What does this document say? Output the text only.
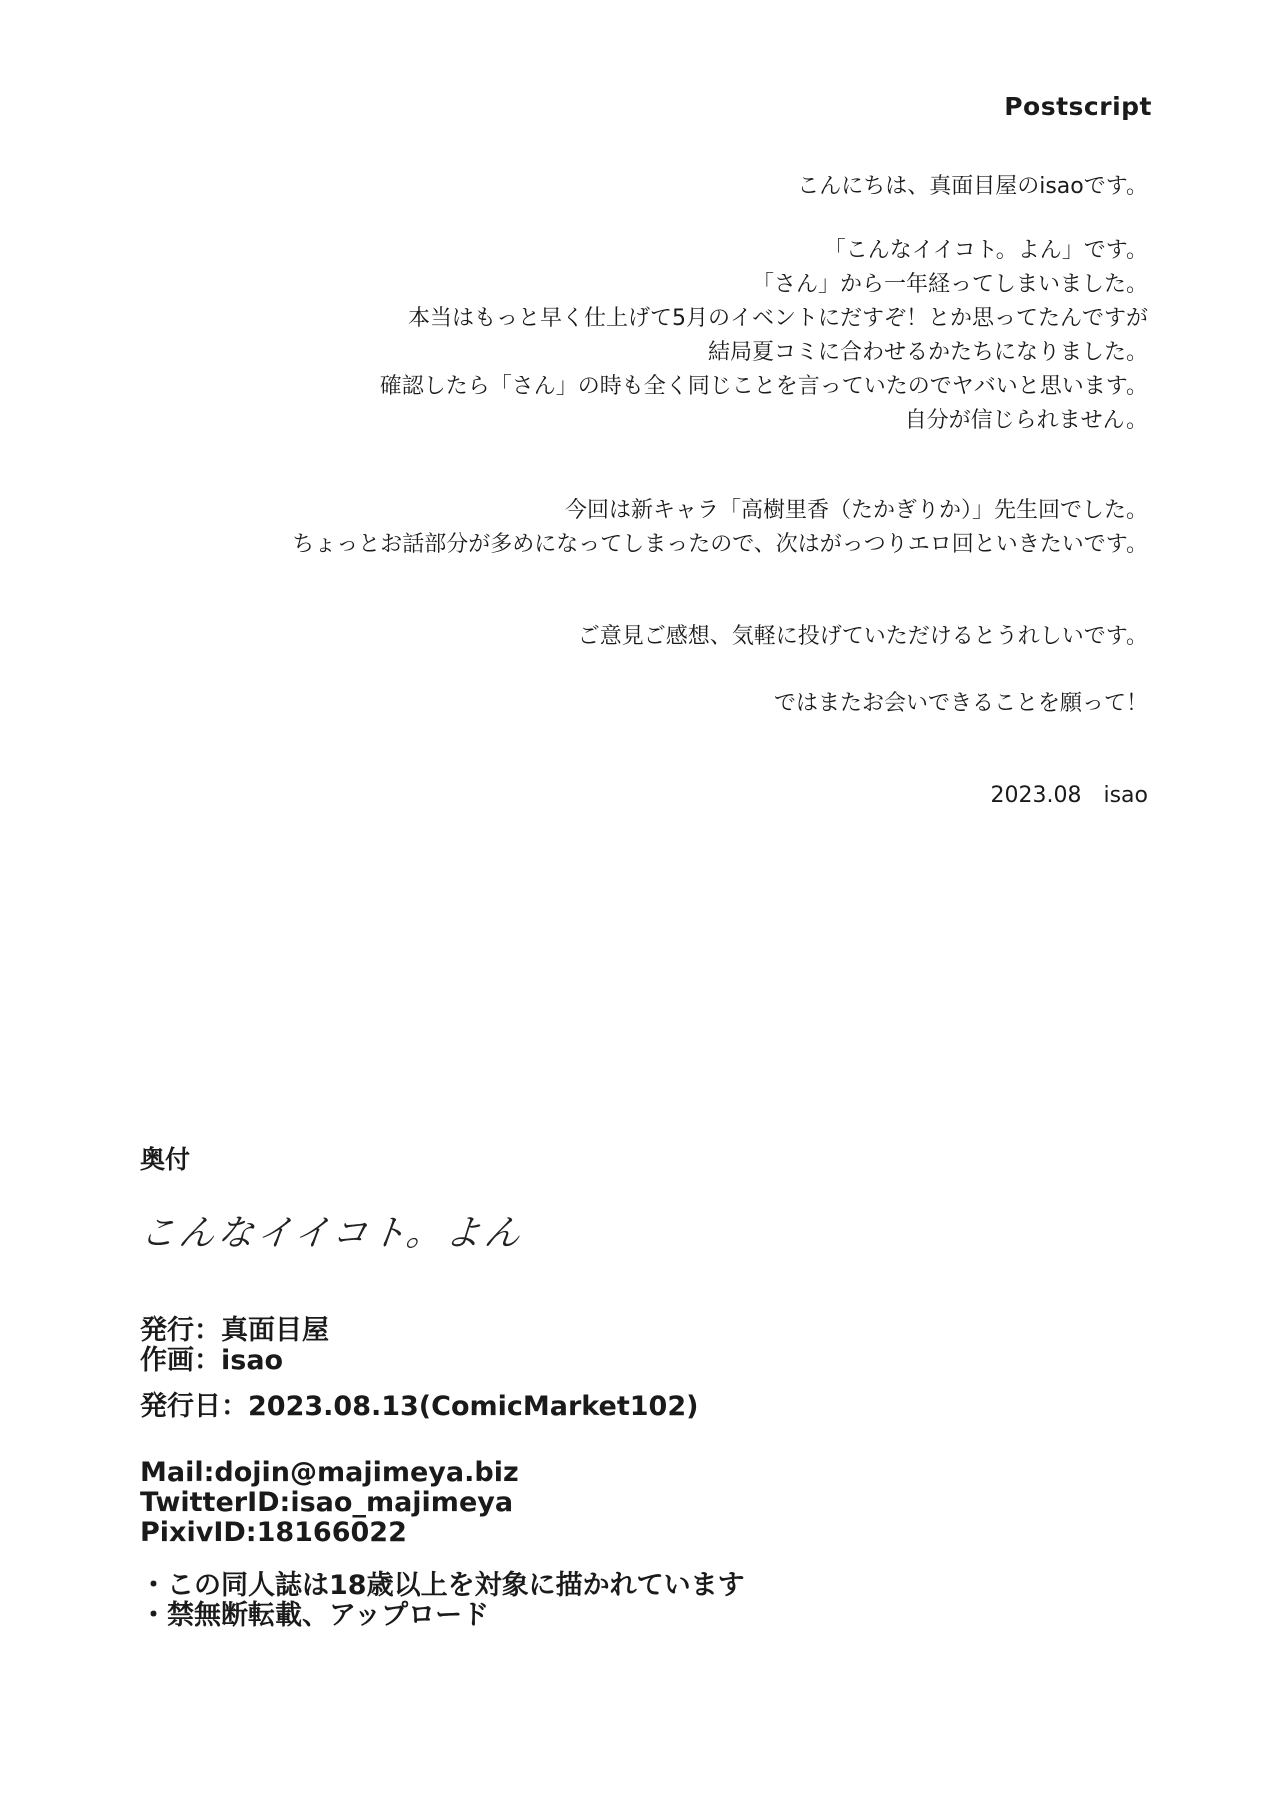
Postscript
こんにちは、真面目屋のisaoです。
「こんなイイコト。よん」です。
「さん」から一年経ってしまいました。
本当はもっと早く仕上げて5月のイベントにだすぞ！とか思ってたんですが
結局夏コミに合わせるかたちになりました。
確認したら「さん」の時も全く同じことを言っていたのでヤバいと思います。
自分が信じられません。
今回は新キャラ「高樹里香（たかぎりか）」先生回でした。
ちょっとお話部分が多めになってしまったので、次はがっつりエロ回といきたいです。
ご意見ご感想、気軽に投げていただけるとうれしいです。
ではまたお会いできることを願って！
2023.08　isao
奥付
こんなイイコト。よん
発行：真面目屋
作画：isao
発行日：2023.08.13(ComicMarket102)
Mail:dojin@majimeya.biz
TwitterID:isao_majimeya
PixivID:18166022
・この同人誌は18歳以上を対象に描かれています
・禁無断転載、アップロード
